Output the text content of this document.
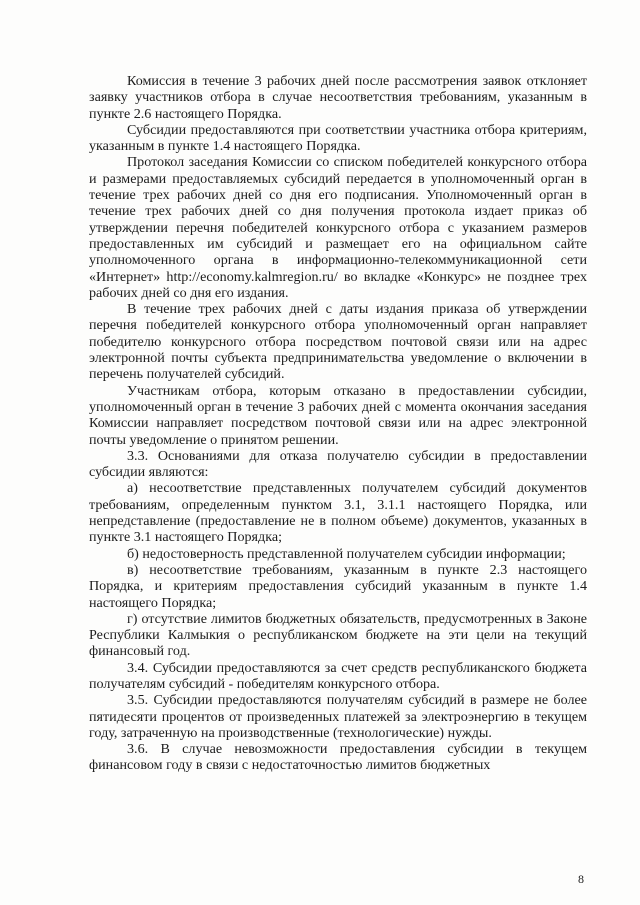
Комиссия в течение 3 рабочих дней после рассмотрения заявок отклоняет заявку участников отбора в случае несоответствия требованиям, указанным в пункте 2.6 настоящего Порядка.

Субсидии предоставляются при соответствии участника отбора критериям, указанным в пункте 1.4 настоящего Порядка.

Протокол заседания Комиссии со списком победителей конкурсного отбора и размерами предоставляемых субсидий передается в уполномоченный орган в течение трех рабочих дней со дня его подписания. Уполномоченный орган в течение трех рабочих дней со дня получения протокола издает приказ об утверждении перечня победителей конкурсного отбора с указанием размеров предоставленных им субсидий и размещает его на официальном сайте уполномоченного органа в информационно-телекоммуникационной сети «Интернет» http://economy.kalmregion.ru/ во вкладке «Конкурс» не позднее трех рабочих дней со дня его издания.

В течение трех рабочих дней с даты издания приказа об утверждении перечня победителей конкурсного отбора уполномоченный орган направляет победителю конкурсного отбора посредством почтовой связи или на адрес электронной почты субъекта предпринимательства уведомление о включении в перечень получателей субсидий.

Участникам отбора, которым отказано в предоставлении субсидии, уполномоченный орган в течение 3 рабочих дней с момента окончания заседания Комиссии направляет посредством почтовой связи или на адрес электронной почты уведомление о принятом решении.

3.3. Основаниями для отказа получателю субсидии в предоставлении субсидии являются:

а) несоответствие представленных получателем субсидий документов требованиям, определенным пунктом 3.1, 3.1.1 настоящего Порядка, или непредставление (предоставление не в полном объеме) документов, указанных в пункте 3.1 настоящего Порядка;

б) недостоверность представленной получателем субсидии информации;

в) несоответствие требованиям, указанным в пункте 2.3 настоящего Порядка, и критериям предоставления субсидий указанным в пункте 1.4 настоящего Порядка;

г) отсутствие лимитов бюджетных обязательств, предусмотренных в Законе Республики Калмыкия о республиканском бюджете на эти цели на текущий финансовый год.

3.4. Субсидии предоставляются за счет средств республиканского бюджета получателям субсидий - победителям конкурсного отбора.

3.5. Субсидии предоставляются получателям субсидий в размере не более пятидесяти процентов от произведенных платежей за электроэнергию в текущем году, затраченную на производственные (технологические) нужды.

3.6. В случае невозможности предоставления субсидии в текущем финансовом году в связи с недостаточностью лимитов бюджетных

8
